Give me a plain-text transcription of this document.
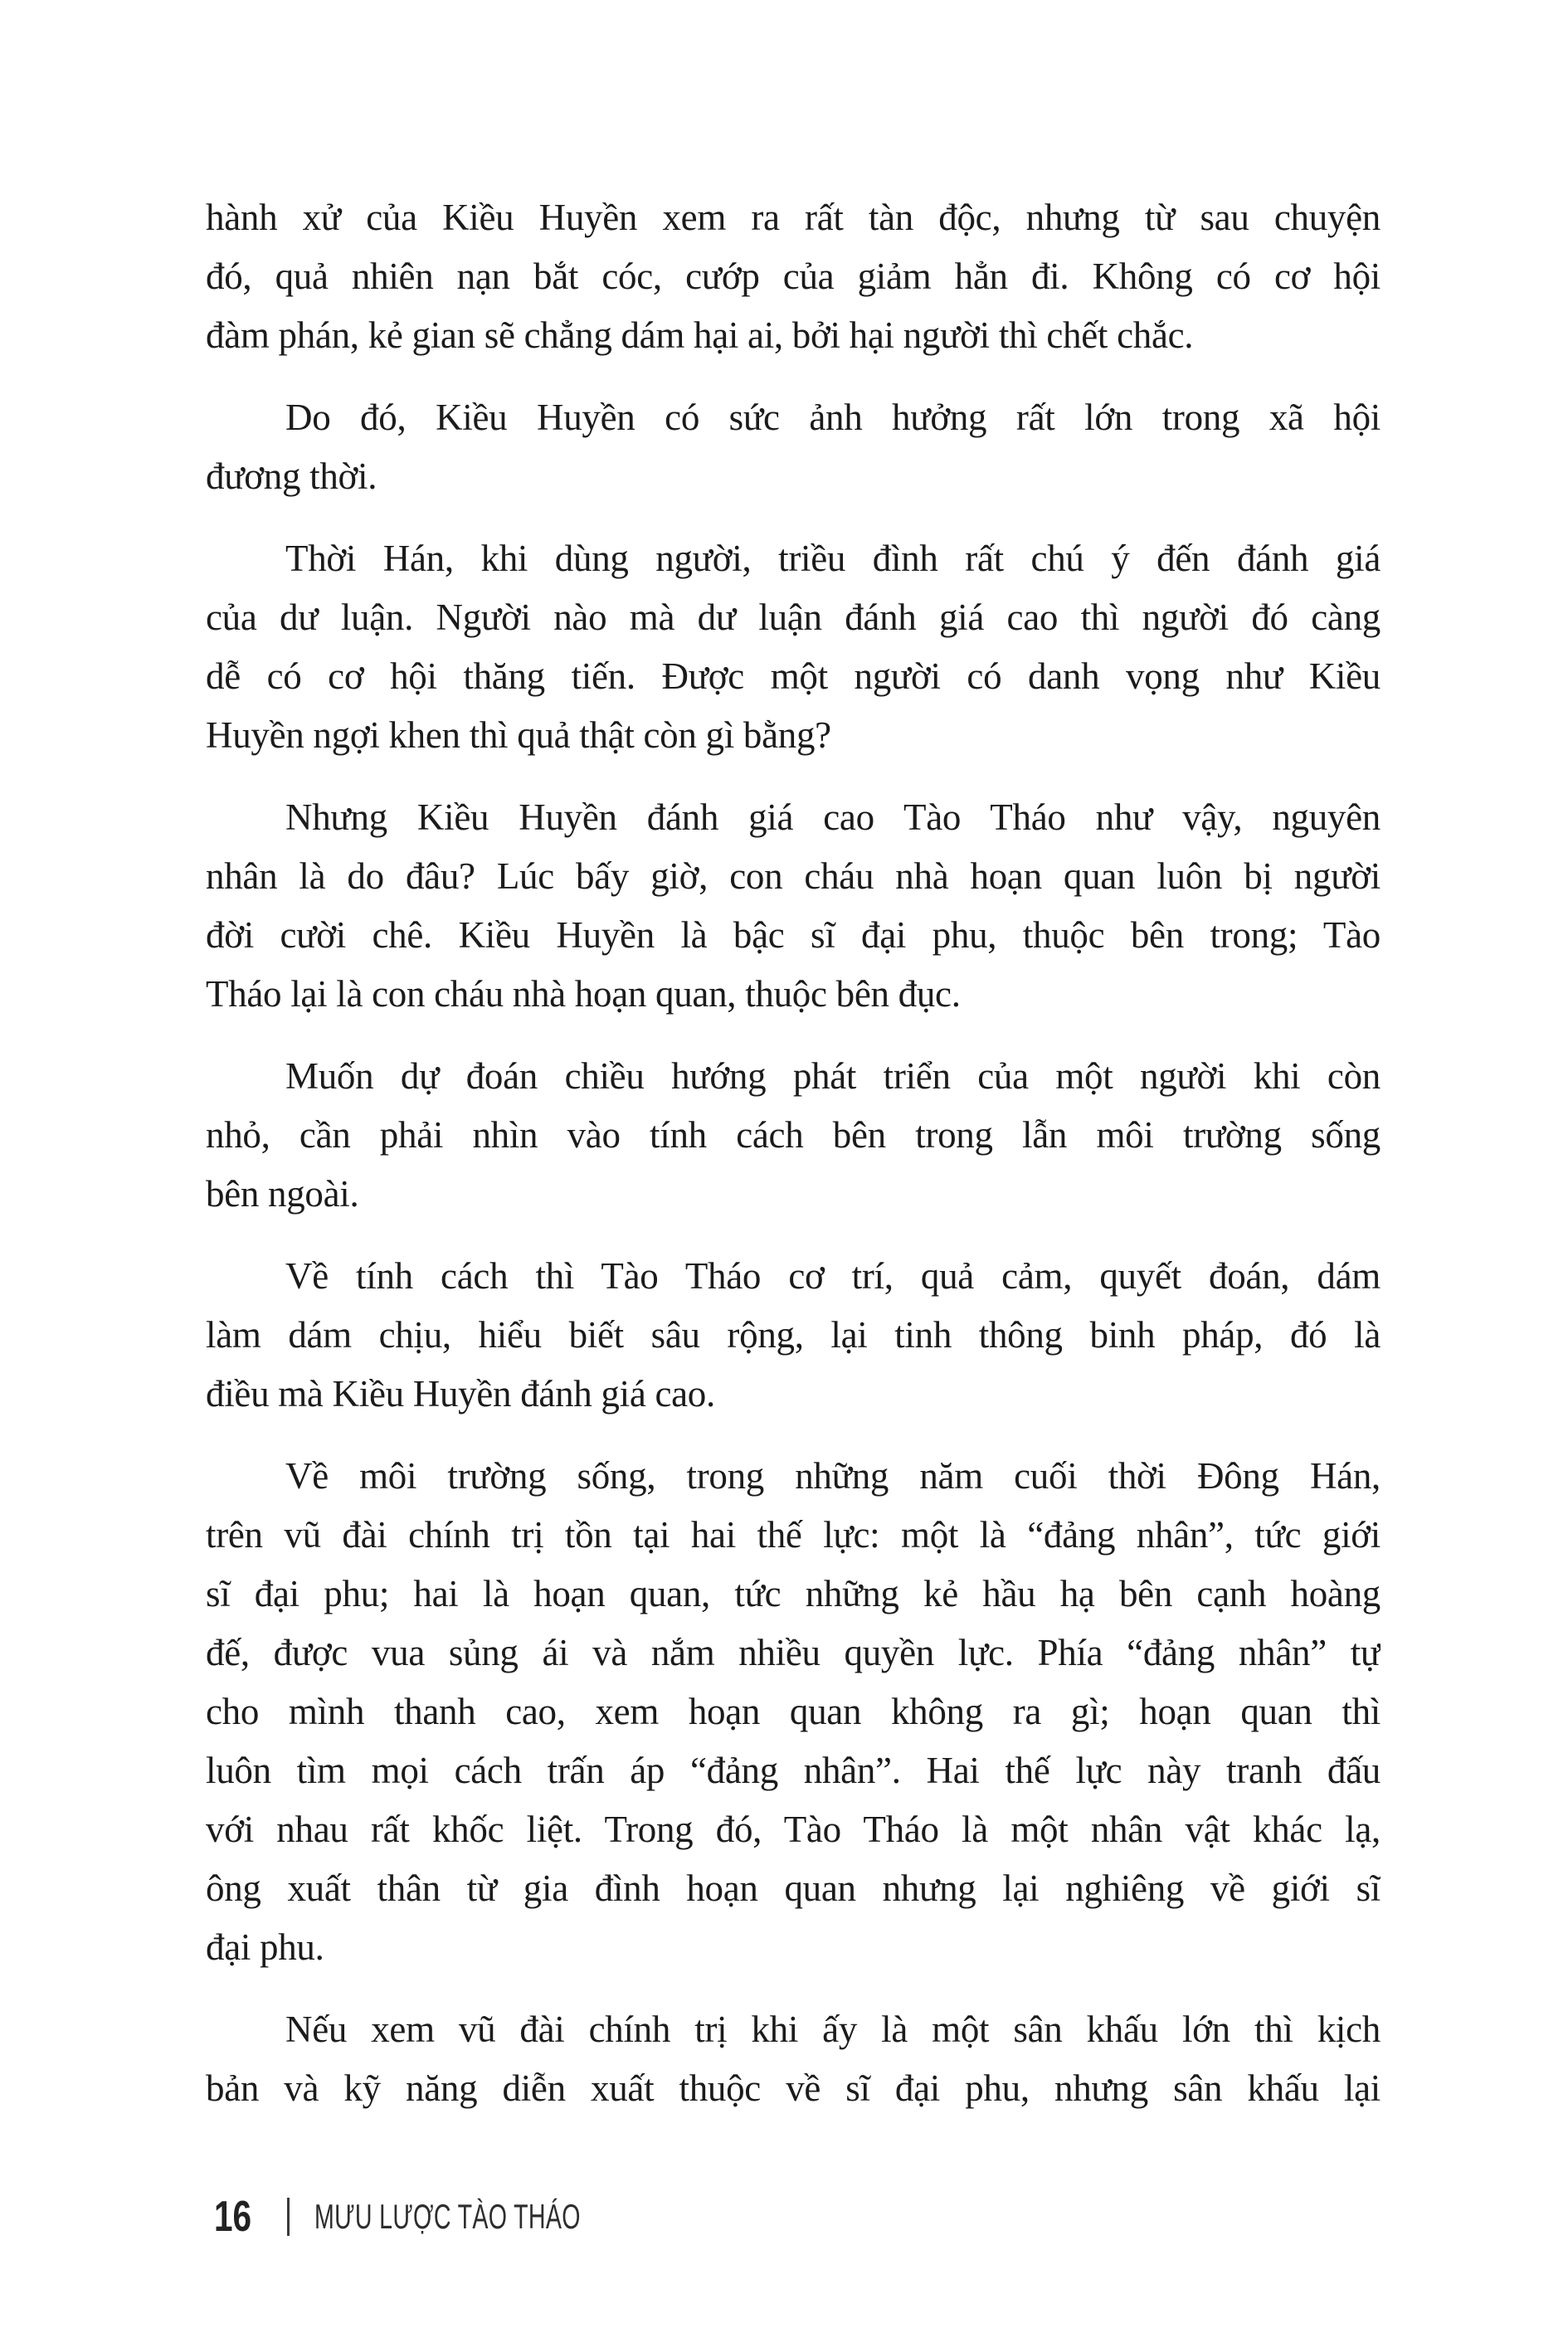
hành xử của Kiều Huyền xem ra rất tàn độc, nhưng từ sau chuyện
đó, quả nhiên nạn bắt cóc, cướp của giảm hẳn đi. Không có cơ hội
đàm phán, kẻ gian sẽ chẳng dám hại ai, bởi hại người thì chết chắc.
Do đó, Kiều Huyền có sức ảnh hưởng rất lớn trong xã hội
đương thời.
Thời Hán, khi dùng người, triều đình rất chú ý đến đánh giá
của dư luận. Người nào mà dư luận đánh giá cao thì người đó càng
dễ có cơ hội thăng tiến. Được một người có danh vọng như Kiều
Huyền ngợi khen thì quả thật còn gì bằng?
Nhưng Kiều Huyền đánh giá cao Tào Tháo như vậy, nguyên
nhân là do đâu? Lúc bấy giờ, con cháu nhà hoạn quan luôn bị người
đời cười chê. Kiều Huyền là bậc sĩ đại phu, thuộc bên trong; Tào
Tháo lại là con cháu nhà hoạn quan, thuộc bên đục.
Muốn dự đoán chiều hướng phát triển của một người khi còn
nhỏ, cần phải nhìn vào tính cách bên trong lẫn môi trường sống
bên ngoài.
Về tính cách thì Tào Tháo cơ trí, quả cảm, quyết đoán, dám
làm dám chịu, hiểu biết sâu rộng, lại tinh thông binh pháp, đó là
điều mà Kiều Huyền đánh giá cao.
Về môi trường sống, trong những năm cuối thời Đông Hán,
trên vũ đài chính trị tồn tại hai thế lực: một là “đảng nhân”, tức giới
sĩ đại phu; hai là hoạn quan, tức những kẻ hầu hạ bên cạnh hoàng
đế, được vua sủng ái và nắm nhiều quyền lực. Phía “đảng nhân” tự
cho mình thanh cao, xem hoạn quan không ra gì; hoạn quan thì
luôn tìm mọi cách trấn áp “đảng nhân”. Hai thế lực này tranh đấu
với nhau rất khốc liệt. Trong đó, Tào Tháo là một nhân vật khác lạ,
ông xuất thân từ gia đình hoạn quan nhưng lại nghiêng về giới sĩ
đại phu.
Nếu xem vũ đài chính trị khi ấy là một sân khấu lớn thì kịch
bản và kỹ năng diễn xuất thuộc về sĩ đại phu, nhưng sân khấu lại
16 MƯU LƯỢC TÀO THÁO
